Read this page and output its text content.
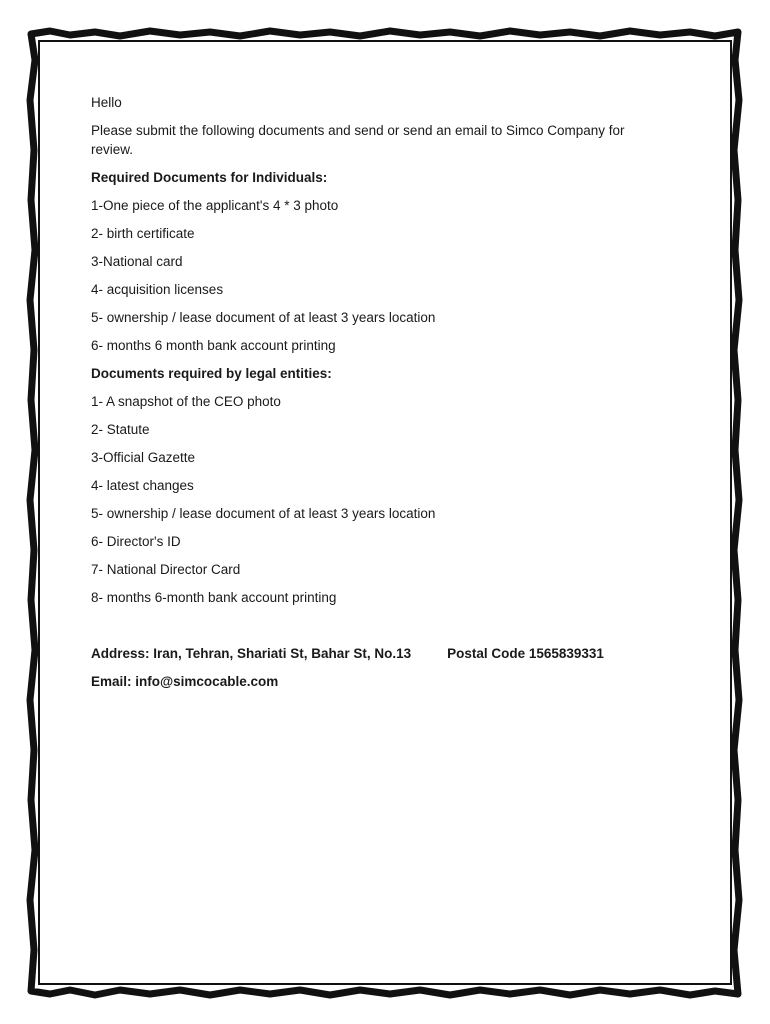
Hello
Please submit the following documents and send or send an email to Simco Company for review.
Required Documents for Individuals:
1-One piece of the applicant's 4 * 3 photo
2- birth certificate
3-National card
4- acquisition licenses
5- ownership / lease document of at least 3 years location
6- months 6 month bank account printing
Documents required by legal entities:
1- A snapshot of the CEO photo
2- Statute
3-Official Gazette
4- latest changes
5- ownership / lease document of at least 3 years location
6- Director's ID
7- National Director Card
8- months 6-month bank account printing
Address: Iran, Tehran, Shariati St, Bahar St, No.13	Postal Code 1565839331
Email: info@simcocable.com
